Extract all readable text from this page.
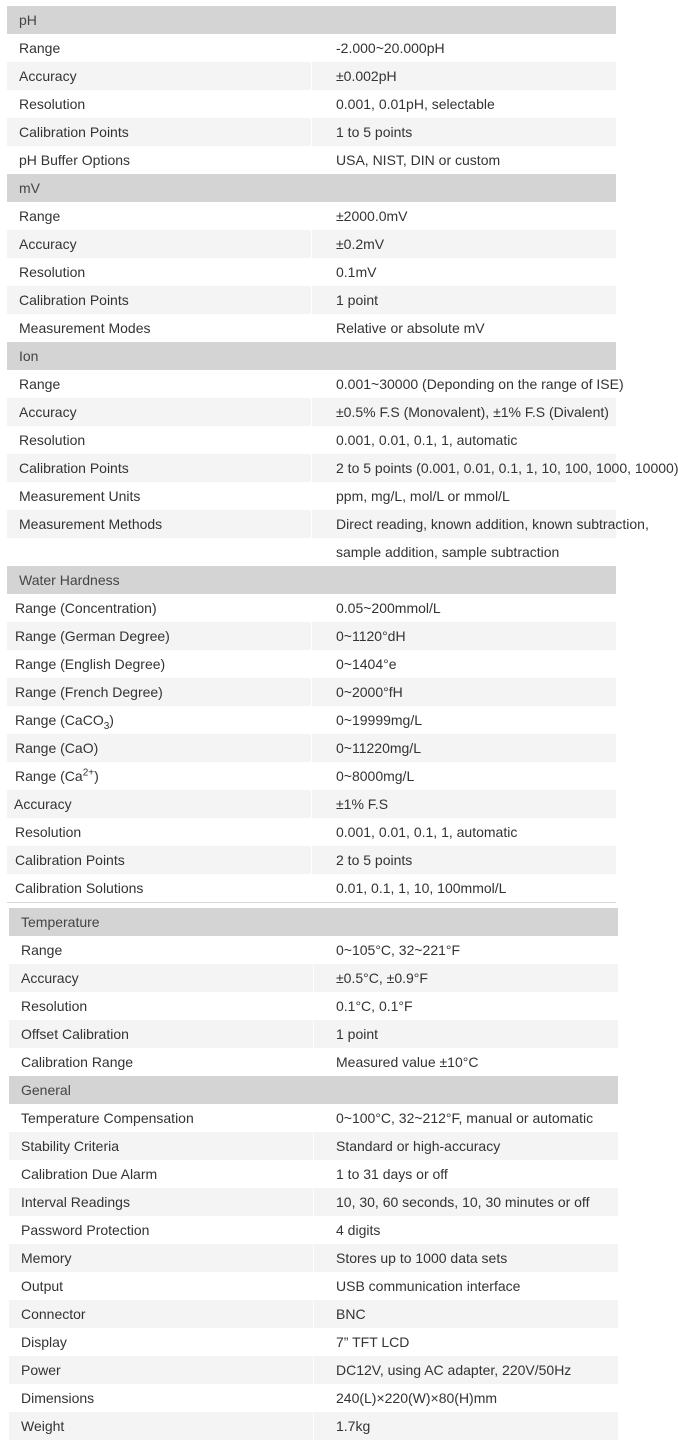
pH	
Range	-2.000~20.000pH
Accuracy	±0.002pH
Resolution	0.001, 0.01pH, selectable
Calibration Points	1 to 5 points
pH Buffer Options	USA, NIST, DIN or custom
mV	
Range	±2000.0mV
Accuracy	±0.2mV
Resolution	0.1mV
Calibration Points	1 point
Measurement Modes	Relative or absolute mV
Ion	
Range	0.001~30000 (Deponding on the range of ISE)
Accuracy	±0.5% F.S (Monovalent), ±1% F.S (Divalent)
Resolution	0.001, 0.01, 0.1, 1, automatic
Calibration Points	2 to 5 points (0.001, 0.01, 0.1, 1, 10, 100, 1000, 10000)
Measurement Units	ppm, mg/L, mol/L or mmol/L
Measurement Methods	Direct reading, known addition, known subtraction,
	sample addition, sample subtraction
Water Hardness	
Range (Concentration)	0.05~200mmol/L
Range (German Degree)	0~1120°dH
Range (English Degree)	0~1404°e
Range (French Degree)	0~2000°fH
Range (CaCO$_3$)	0~19999mg/L
Range (CaO)	0~11220mg/L
Range $(Ca^{2+})$	0~8000mg/L
Accuracy	±1% F.S
Resolution	0.001, 0.01, 0.1, 1, automatic
Calibration Points	2 to 5 points
Calibration Solutions	0.01, 0.1, 1, 10, 100mmol/L
Temperature	
Range	0~105°C, 32~221°F
Accuracy	±0.5°C, ±0.9°F
Resolution	0.1°C, 0.1°F
Offset Calibration	1 point
Calibration Range	Measured value ±10°C
General	
Temperature Compensation	0~100°C, 32~212°F, manual or automatic
Stability Criteria	Standard or high-accuracy
Calibration Due Alarm	1 to 31 days or off
Interval Readings	10, 30, 60 seconds, 10, 30 minutes or off
Password Protection	4 digits
Memory	Stores up to 1000 data sets
Output	USB communication interface
Connector	BNC
Display	7” TFT LCD
Power	DC12V, using AC adapter, 220V/50Hz
Dimensions	240(L)×220(W)×80(H)mm
Weight	1.7kg
